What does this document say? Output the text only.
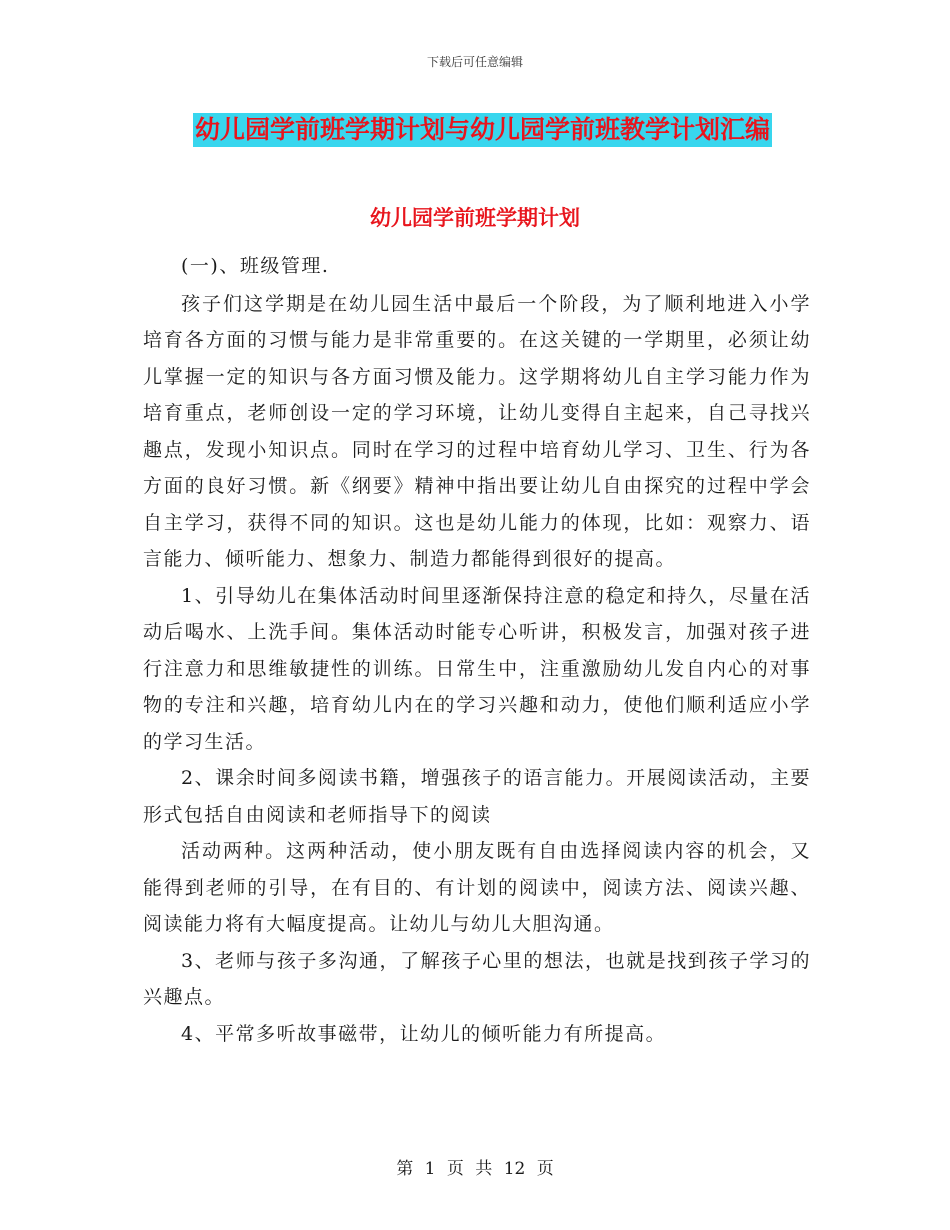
下载后可任意编辑
幼儿园学前班学期计划与幼儿园学前班教学计划汇编
幼儿园学前班学期计划

(一)、班级管理.

孩子们这学期是在幼儿园生活中最后一个阶段，为了顺利地进入小学培育各方面的习惯与能力是非常重要的。在这关键的一学期里，必须让幼儿掌握一定的知识与各方面习惯及能力。这学期将幼儿自主学习能力作为培育重点，老师创设一定的学习环境，让幼儿变得自主起来，自己寻找兴趣点，发现小知识点。同时在学习的过程中培育幼儿学习、卫生、行为各方面的良好习惯。新《纲要》精神中指出要让幼儿自由探究的过程中学会自主学习，获得不同的知识。这也是幼儿能力的体现，比如：观察力、语言能力、倾听能力、想象力、制造力都能得到很好的提高。

1、引导幼儿在集体活动时间里逐渐保持注意的稳定和持久，尽量在活动后喝水、上洗手间。集体活动时能专心听讲，积极发言，加强对孩子进行注意力和思维敏捷性的训练。日常生中，注重激励幼儿发自内心的对事物的专注和兴趣，培育幼儿内在的学习兴趣和动力，使他们顺利适应小学的学习生活。

2、课余时间多阅读书籍，增强孩子的语言能力。开展阅读活动，主要形式包括自由阅读和老师指导下的阅读

活动两种。这两种活动，使小朋友既有自由选择阅读内容的机会，又能得到老师的引导，在有目的、有计划的阅读中，阅读方法、阅读兴趣、阅读能力将有大幅度提高。让幼儿与幼儿大胆沟通。

3、老师与孩子多沟通，了解孩子心里的想法，也就是找到孩子学习的兴趣点。

4、平常多听故事磁带，让幼儿的倾听能力有所提高。

第 1 页 共 12 页
